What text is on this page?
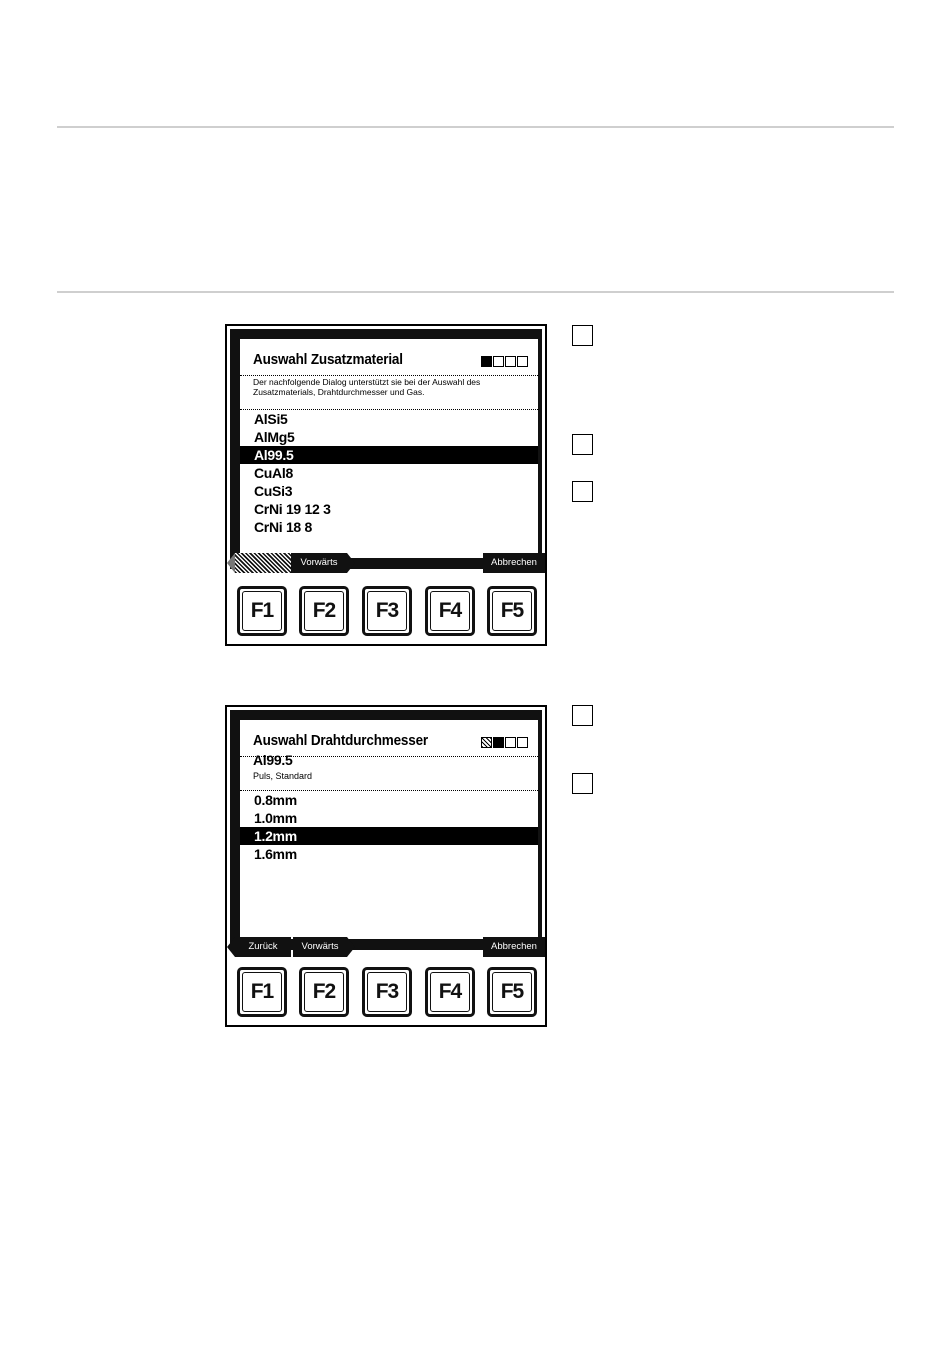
Auswahl Zusatzmaterial
Der nachfolgende Dialog unterstützt sie bei der Auswahl des Zusatzmaterials, Drahtdurchmesser und Gas.
AlSi5
AlMg5
Al99.5
CuAl8
CuSi3
CrNi 19 12 3
CrNi 18 8
Vorwärts	Abbrechen
F1	F2	F3	F4	F5
Auswahl Drahtdurchmesser
Al99.5
Puls, Standard
0.8mm
1.0mm
1.2mm
1.6mm
Zurück	Vorwärts	Abbrechen
F1	F2	F3	F4	F5
